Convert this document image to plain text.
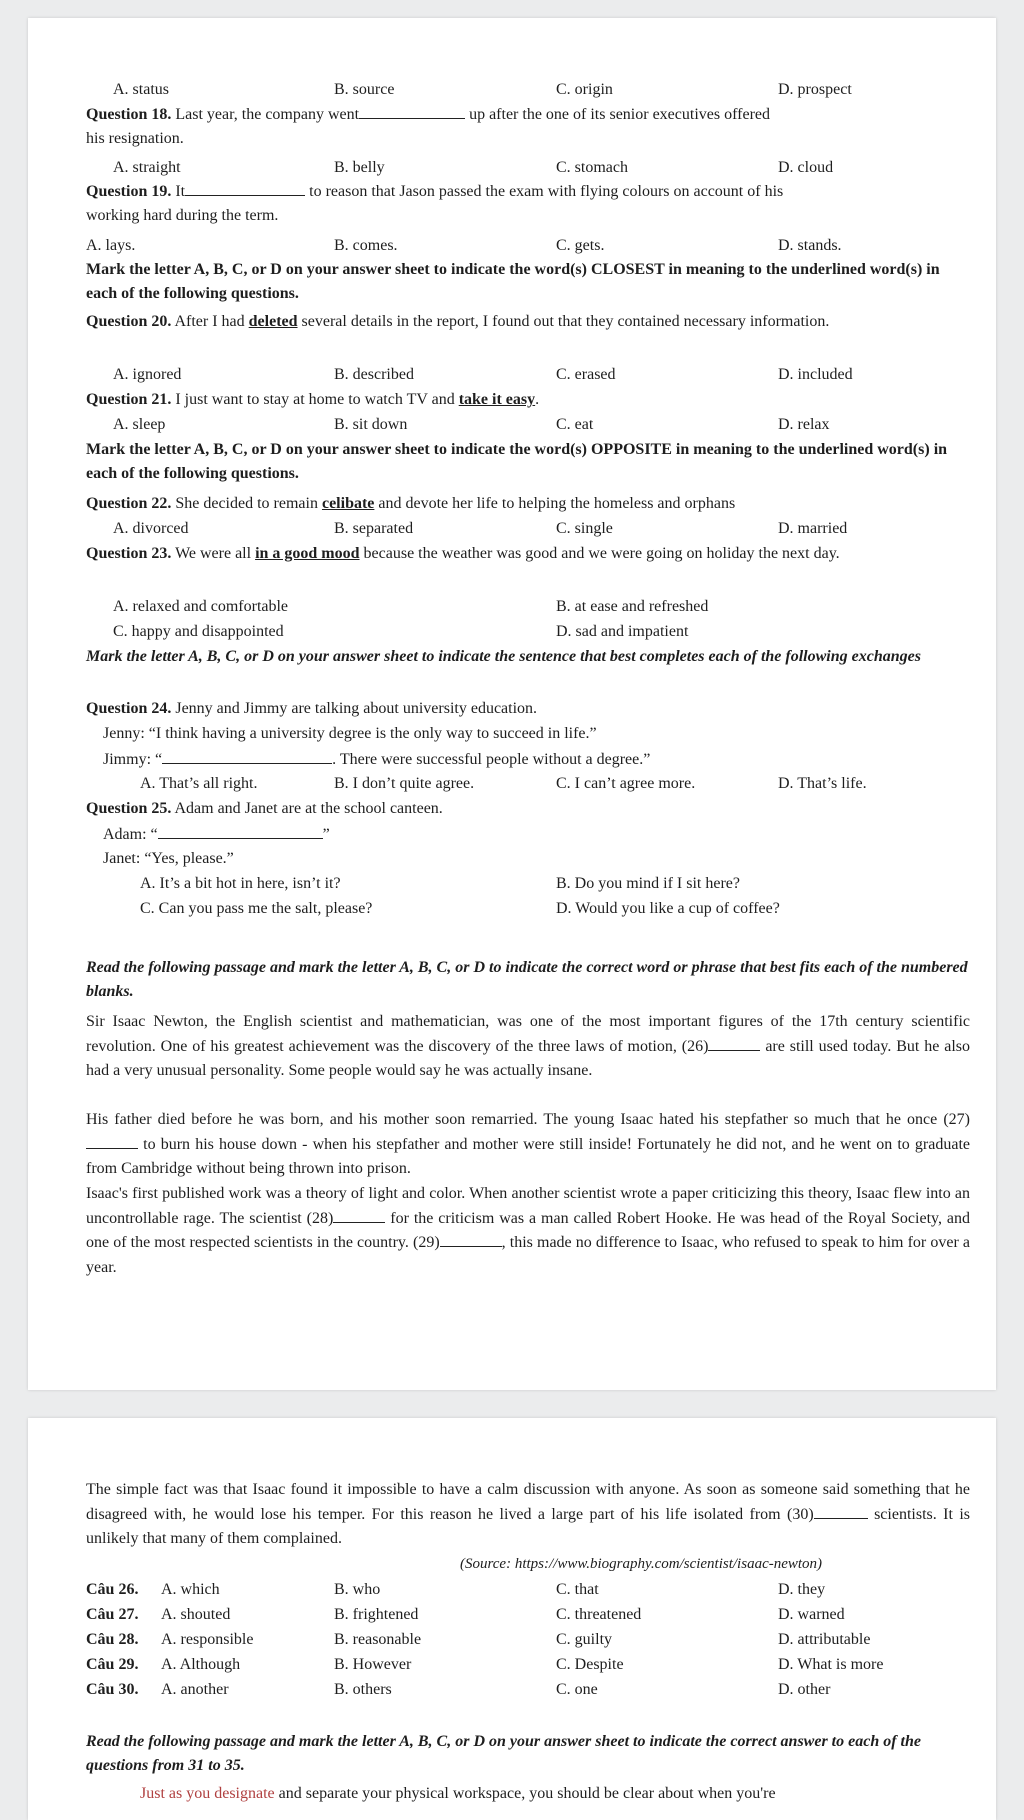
A. status	B. source	C. origin	D. prospect
Question 18. Last year, the company went	up after the one of its senior executives offered
his resignation.
A. straight	B. belly	C. stomach	D. cloud
Question 19. It	to reason that Jason passed the exam with flying colours on account of his
working hard during the term.
A. lays.	B. comes.	C. gets.	D. stands.
Mark the letter A, B, C, or D on your answer sheet to indicate the word(s) CLOSEST in meaning to the underlined word(s) in each of the following questions.
Question 20. After I had deleted several details in the report, I found out that they contained necessary information.
A. ignored	B. described	C. erased	D. included
Question 21. I just want to stay at home to watch TV and take it easy.
A. sleep	B. sit down	C. eat	D. relax
Mark the letter A, B, C, or D on your answer sheet to indicate the word(s) OPPOSITE in meaning to the underlined word(s) in each of the following questions.
Question 22. She decided to remain celibate and devote her life to helping the homeless and orphans
A. divorced	B. separated	C. single	D. married
Question 23. We were all in a good mood because the weather was good and we were going on holiday the next day.
A. relaxed and comfortable	B. at ease and refreshed
C. happy and disappointed	D. sad and impatient
Mark the letter A, B, C, or D on your answer sheet to indicate the sentence that best completes each of the following exchanges
Question 24. Jenny and Jimmy are talking about university education.
Jenny: “I think having a university degree is the only way to succeed in life.”
Jimmy: “	. There were successful people without a degree.”
A. That’s all right.	B. I don’t quite agree.	C. I can’t agree more.	D. That’s life.
Question 25. Adam and Janet are at the school canteen.
Adam: “	”
Janet: “Yes, please.”
A. It’s a bit hot in here, isn’t it?	B. Do you mind if I sit here?
C. Can you pass me the salt, please?	D. Would you like a cup of coffee?
Read the following passage and mark the letter A, B, C, or D to indicate the correct word or phrase that best fits each of the numbered blanks.
Sir Isaac Newton, the English scientist and mathematician, was one of the most important figures of the 17th century scientific revolution. One of his greatest achievement was the discovery of the three laws of motion, (26)	are still used today. But he also had a very unusual personality. Some people would say he was actually insane.
His father died before he was born, and his mother soon remarried. The young Isaac hated his stepfather so much that he once (27) to burn his house down - when his stepfather and mother were still inside! Fortunately he did not, and he went on to graduate from Cambridge without being thrown into prison.
Isaac's first published work was a theory of light and color. When another scientist wrote a paper criticizing this theory, Isaac flew into an uncontrollable rage. The scientist (28)	for the criticism was a man called Robert Hooke. He was head of the Royal Society, and one of the most respected scientists in the country. (29)	, this made no difference to Isaac, who refused to speak to him for over a year.
The simple fact was that Isaac found it impossible to have a calm discussion with anyone. As soon as someone said something that he disagreed with, he would lose his temper. For this reason he lived a large part of his life isolated from (30)	scientists. It is unlikely that many of them complained.
(Source: https://www.biography.com/scientist/isaac-newton)
Câu 26. A. which	B. who	C. that	D. they
Câu 27. A. shouted	B. frightened	C. threatened	D. warned
Câu 28. A. responsible	B. reasonable	C. guilty	D. attributable
Câu 29. A. Although	B. However	C. Despite	D. What is more
Câu 30. A. another	B. others	C. one	D. other
Read the following passage and mark the letter A, B, C, or D on your answer sheet to indicate the correct answer to each of the questions from 31 to 35.
Just as you designate and separate your physical workspace, you should be clear about when you're
